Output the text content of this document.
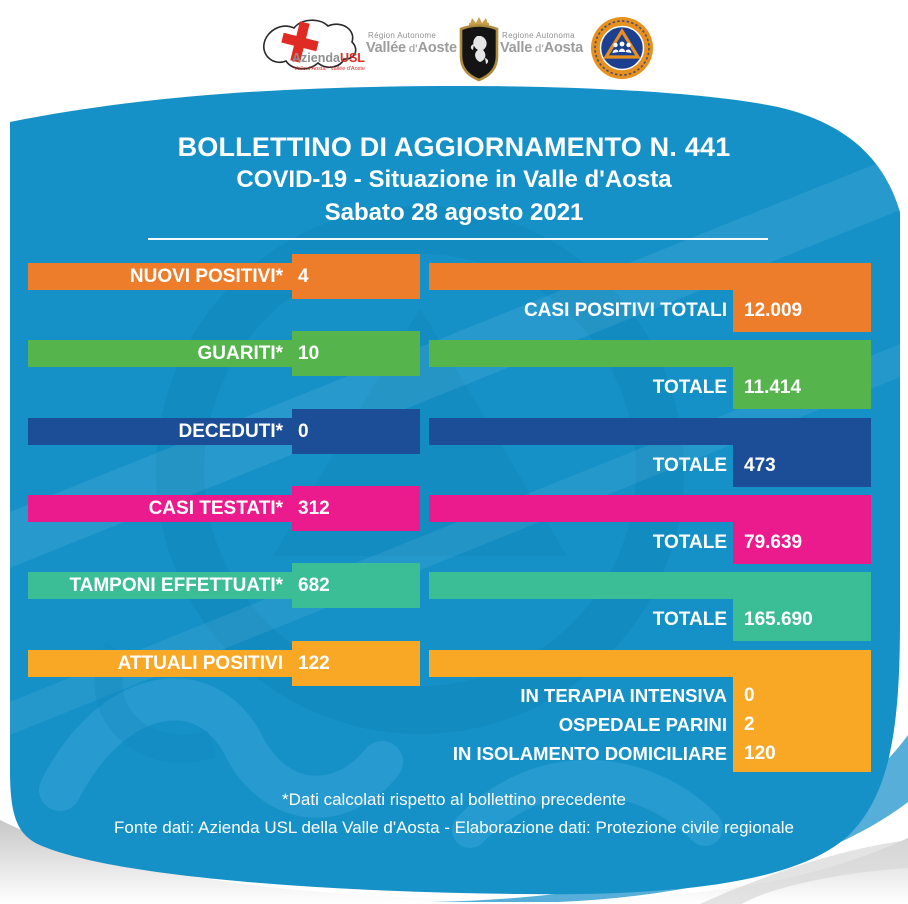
AziendaUSL
Valle d'Aosta - Vallée d'Aoste
Région Autonome
Vallée  d'Aoste
Regione Autonoma
Valle  d'Aosta
BOLLETTINO DI AGGIORNAMENTO N. 441
COVID-19 - Situazione in Valle d'Aosta
Sabato 28 agosto 2021
NUOVI POSITIVI* 4
CASI POSITIVI TOTALI 12.009
GUARITI* 10
TOTALE 11.414
DECEDUTI* 0
TOTALE 473
CASI TESTATI* 312
TOTALE 79.639
TAMPONI EFFETTUATI* 682
TOTALE 165.690
ATTUALI POSITIVI 122
IN TERAPIA INTENSIVA
OSPEDALE PARINI
IN ISOLAMENTO DOMICILIARE
0
2
120
*Dati calcolati rispetto al bollettino precedente
Fonte dati: Azienda USL della Valle d'Aosta - Elaborazione dati: Protezione civile regionale
